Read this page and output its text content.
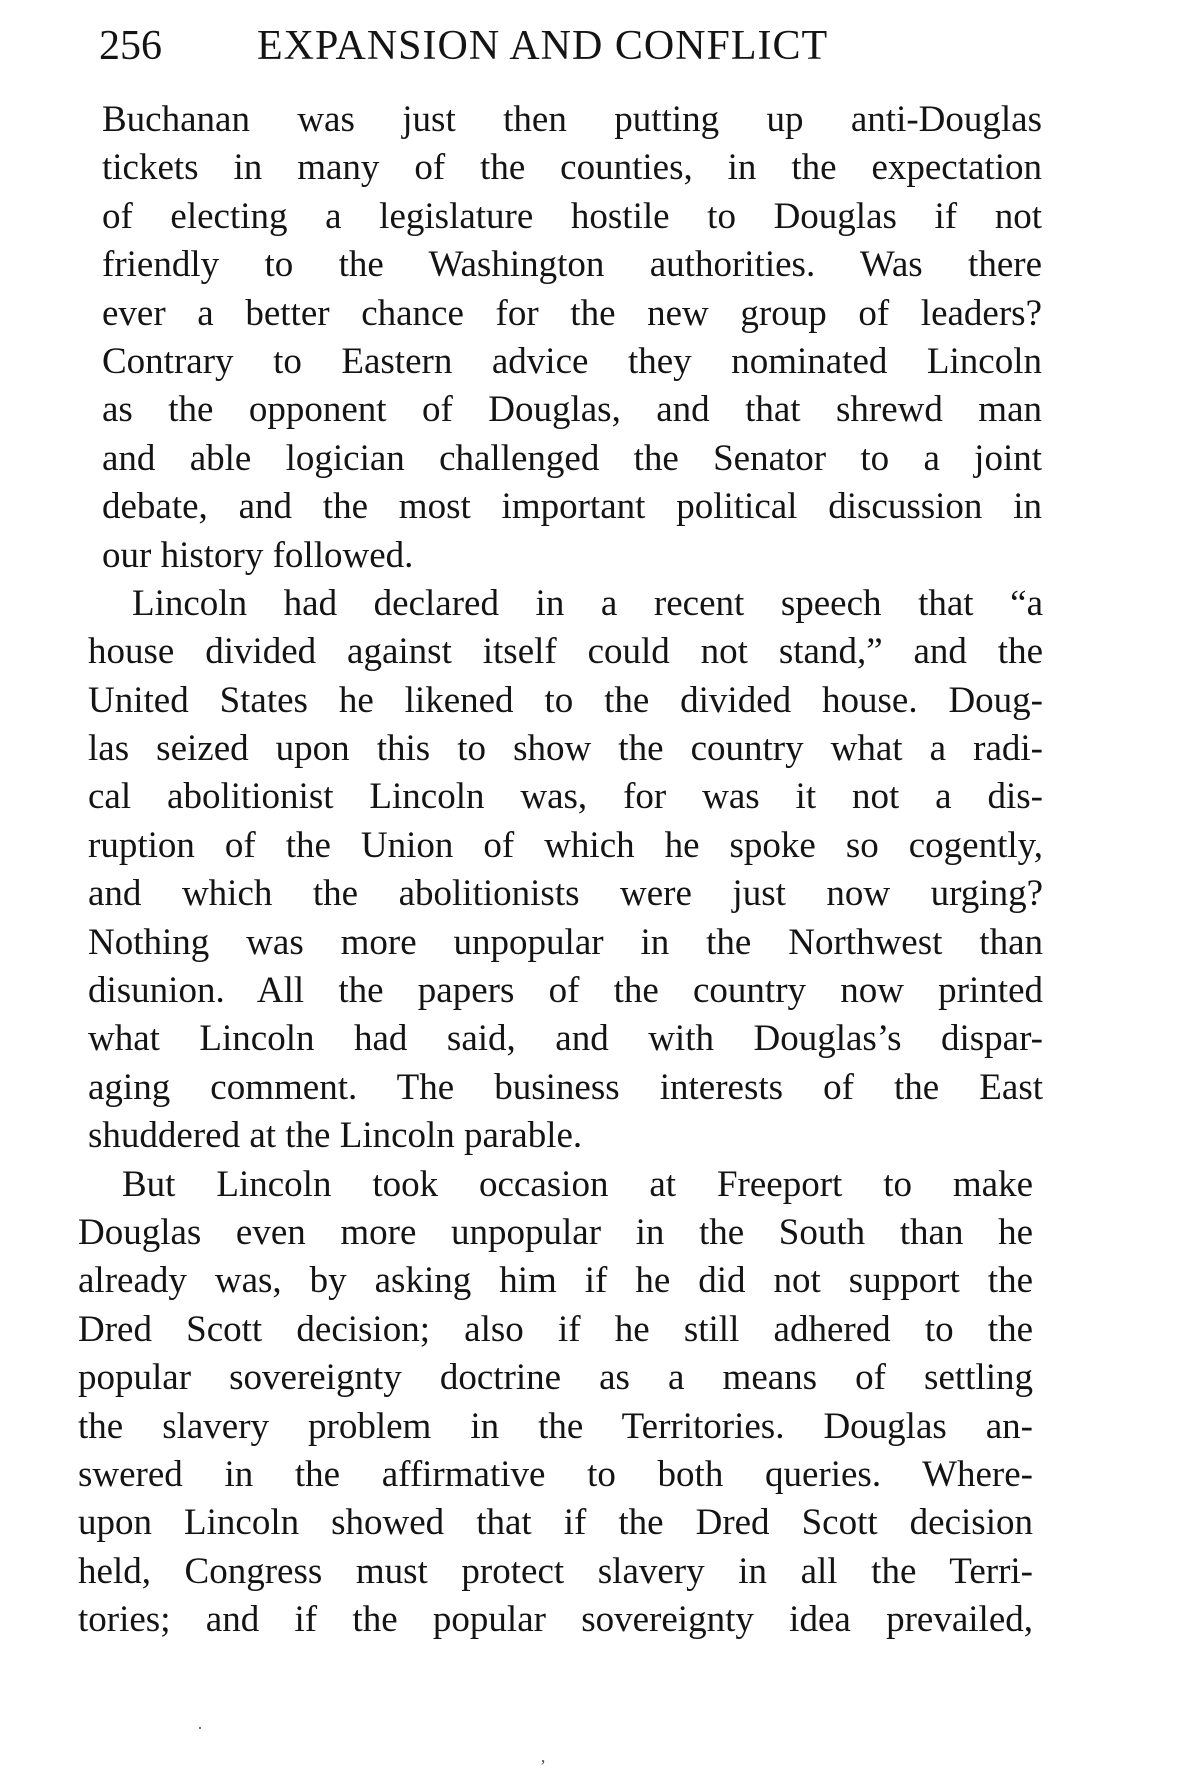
256 EXPANSION AND CONFLICT
Buchanan was just then putting up anti-Douglas
tickets in many of the counties, in the expectation
of electing a legislature hostile to Douglas if not
friendly to the Washington authorities. Was there
ever a better chance for the new group of leaders?
Contrary to Eastern advice they nominated Lincoln
as the opponent of Douglas, and that shrewd man
and able logician challenged the Senator to a joint
debate, and the most important political discussion in
our history followed.
Lincoln had declared in a recent speech that “a
house divided against itself could not stand,” and the
United States he likened to the divided house. Doug-
las seized upon this to show the country what a radi-
cal abolitionist Lincoln was, for was it not a dis-
ruption of the Union of which he spoke so cogently,
and which the abolitionists were just now urging?
Nothing was more unpopular in the Northwest than
disunion. All the papers of the country now printed
what Lincoln had said, and with Douglas’s dispar-
aging comment. The business interests of the East
shuddered at the Lincoln parable.
But Lincoln took occasion at Freeport to make
Douglas even more unpopular in the South than he
already was, by asking him if he did not support the
Dred Scott decision; also if he still adhered to the
popular sovereignty doctrine as a means of settling
the slavery problem in the Territories. Douglas an-
swered in the affirmative to both queries. Where-
upon Lincoln showed that if the Dred Scott decision
held, Congress must protect slavery in all the Terri-
tories; and if the popular sovereignty idea prevailed,
·
‚
